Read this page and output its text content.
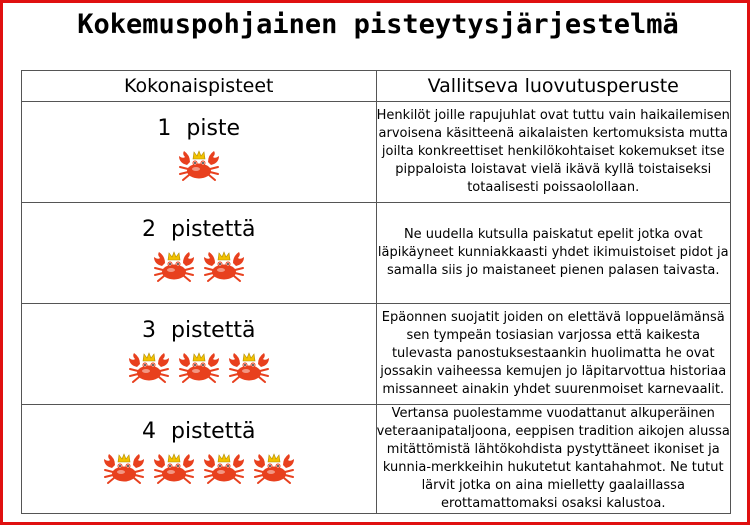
Kokemuspohjainen pisteytysjärjestelmä
Kokonaispisteet	Vallitseva luovutusperuste

1 piste	Henkilöt joille rapujuhlat ovat tuttu vain haikailemisen arvoisena käsitteenä aikalaisten kertomuksista mutta joilta konkreettiset henkilökohtaiset kokemukset itse pippaloista loistavat vielä ikävä kyllä toistaiseksi totaalisesti poissaolollaan.

2 pistettä	Ne uudella kutsulla paiskatut epelit jotka ovat läpikäyneet kunniakkaasti yhdet ikimuistoiset pidot ja samalla siis jo maistaneet pienen palasen taivasta.

3 pistettä	Epäonnen suojatit joiden on elettävä loppuelämänsä sen tympeän tosiasian varjossa että kaikesta tulevasta panostuksestaankin huolimatta he ovat jossakin vaiheessa kemujen jo läpitarvottua historiaa missanneet ainakin yhdet suurenmoiset karnevaalit.

4 pistettä	Vertansa puolestamme vuodattanut alkuperäinen veteraanipataljoona, eeppisen tradition aikojen alussa mitättömistä lähtökohdista pystyttäneet ikoniset ja kunnia-merkkeihin hukutetut kantahahmot. Ne tutut lärvit jotka on aina mielletty gaalaillassa erottamattomaksi osaksi kalustoa.
